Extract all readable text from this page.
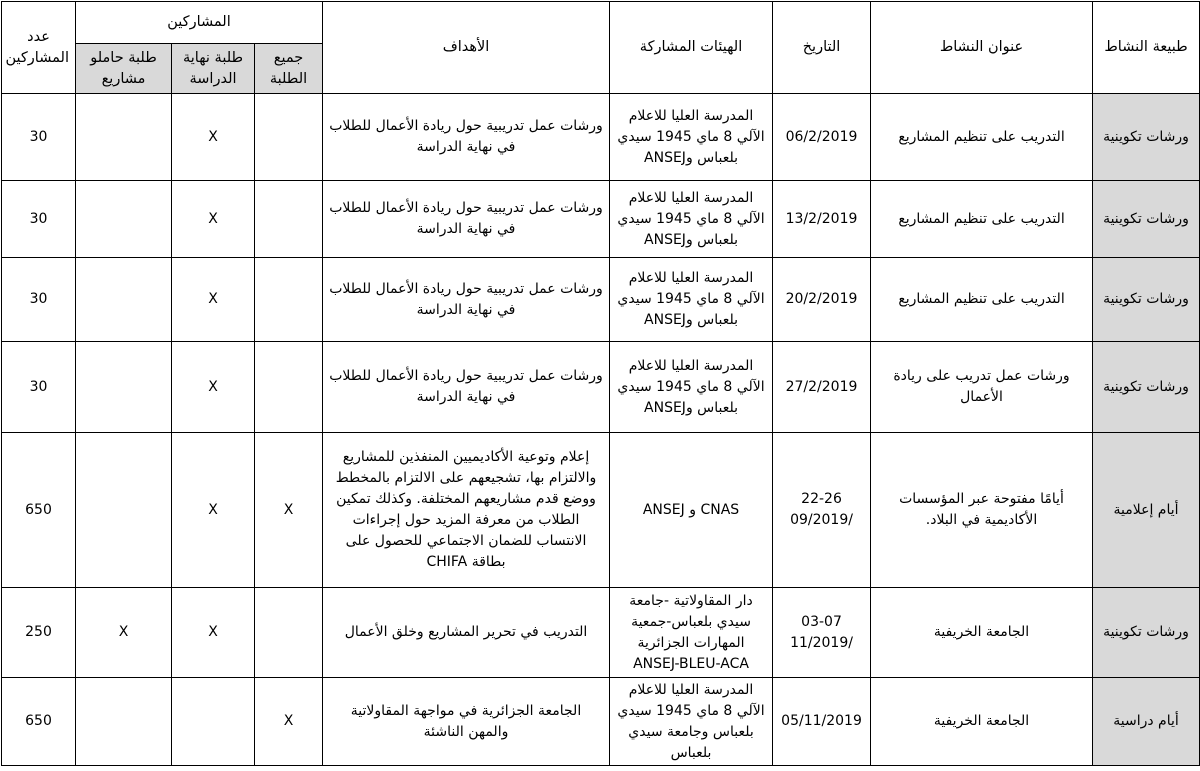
طبيعة النشاط	عنوان النشاط	التاريخ	الهيئات المشاركة	الأهداف	المشاركين			عدد المشاركين
					جميع الطلبة	طلبة نهاية الدراسة	طلبة حاملو مشاريع	
ورشات تكوينية	التدريب على تنظيم المشاريع	06/2/2019	المدرسة العليا للاعلام الآلي 8 ماي 1945 سيدي بلعباس وANSEJ	ورشات عمل تدريبية حول ريادة الأعمال للطلاب في نهاية الدراسة		X		30
ورشات تكوينية	التدريب على تنظيم المشاريع	13/2/2019	المدرسة العليا للاعلام الآلي 8 ماي 1945 سيدي بلعباس وANSEJ	ورشات عمل تدريبية حول ريادة الأعمال للطلاب في نهاية الدراسة		X		30
ورشات تكوينية	التدريب على تنظيم المشاريع	20/2/2019	المدرسة العليا للاعلام الآلي 8 ماي 1945 سيدي بلعباس وANSEJ	ورشات عمل تدريبية حول ريادة الأعمال للطلاب في نهاية الدراسة		X		30
ورشات تكوينية	ورشات عمل تدريب على ريادة الأعمال	27/2/2019	المدرسة العليا للاعلام الآلي 8 ماي 1945 سيدي بلعباس وANSEJ	ورشات عمل تدريبية حول ريادة الأعمال للطلاب في نهاية الدراسة		X		30
أيام إعلامية	أيامًا مفتوحة عبر المؤسسات الأكاديمية في البلاد.	22-26 /09/2019	CNAS و ANSEJ	إعلام وتوعية الأكاديميين المنفذين للمشاريع والالتزام بها، تشجيعهم على الالتزام بالمخطط ووضع قدم مشاريعهم المختلفة. وكذلك تمكين الطلاب من معرفة المزيد حول إجراءات الانتساب للضمان الاجتماعي للحصول على بطاقة CHIFA	X	X		650
ورشات تكوينية	الجامعة الخريفية	03-07 /11/2019	دار المقاولاتية -جامعة سيدي بلعباس-جمعية المهارات الجزائرية ANSEJ-BLEU-ACA	التدريب في تحرير المشاريع وخلق الأعمال		X	X	250
أيام دراسية	الجامعة الخريفية	05/11/2019	المدرسة العليا للاعلام الآلي 8 ماي 1945 سيدي بلعباس وجامعة سيدي بلعباس	الجامعة الجزائرية في مواجهة المقاولاتية والمهن الناشئة	X			650
